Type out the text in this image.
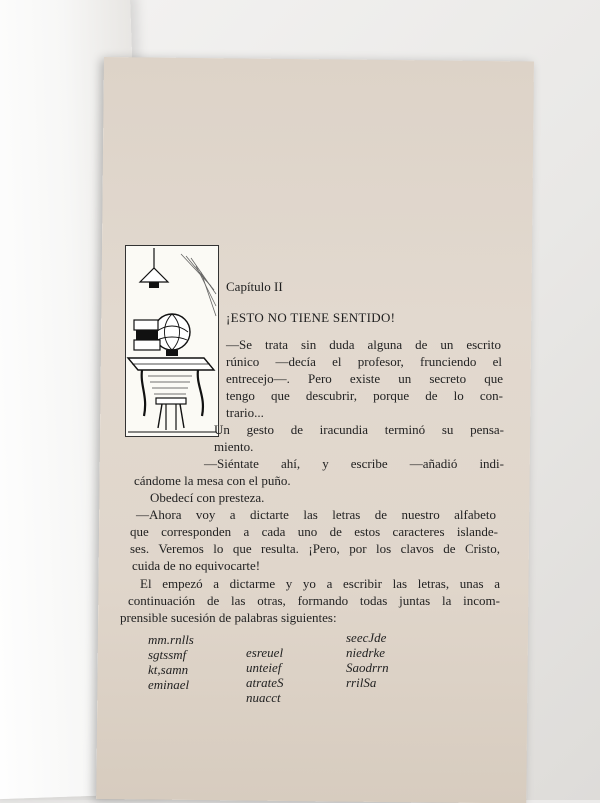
Capítulo II
¡ESTO NO TIENE SENTIDO!

—Se trata sin duda alguna de un escrito

rúnico —decía el profesor, frunciendo el

entrecejo—. Pero existe un secreto que

tengo que descubrir, porque de lo con-

trario...

Un gesto de iracundia terminó su pensa-

miento.

—Siéntate ahí, y escribe —añadió indi-

cándome la mesa con el puño.

Obedecí con presteza.

—Ahora voy a dictarte las letras de nuestro alfabeto

que corresponden a cada uno de estos caracteres islande-

ses. Veremos lo que resulta. ¡Pero, por los clavos de Cristo,

cuida de no equivocarte!

El empezó a dictarme y yo a escribir las letras, unas a

continuación de las otras, formando todas juntas la incom-

prensible sucesión de palabras siguientes:

mm.rnlls
sgtssmf
kt,samn
eminael
esreuel
unteief
atrateS
nuacct
seecJde
niedrke
Saodrrn
rrilSa
